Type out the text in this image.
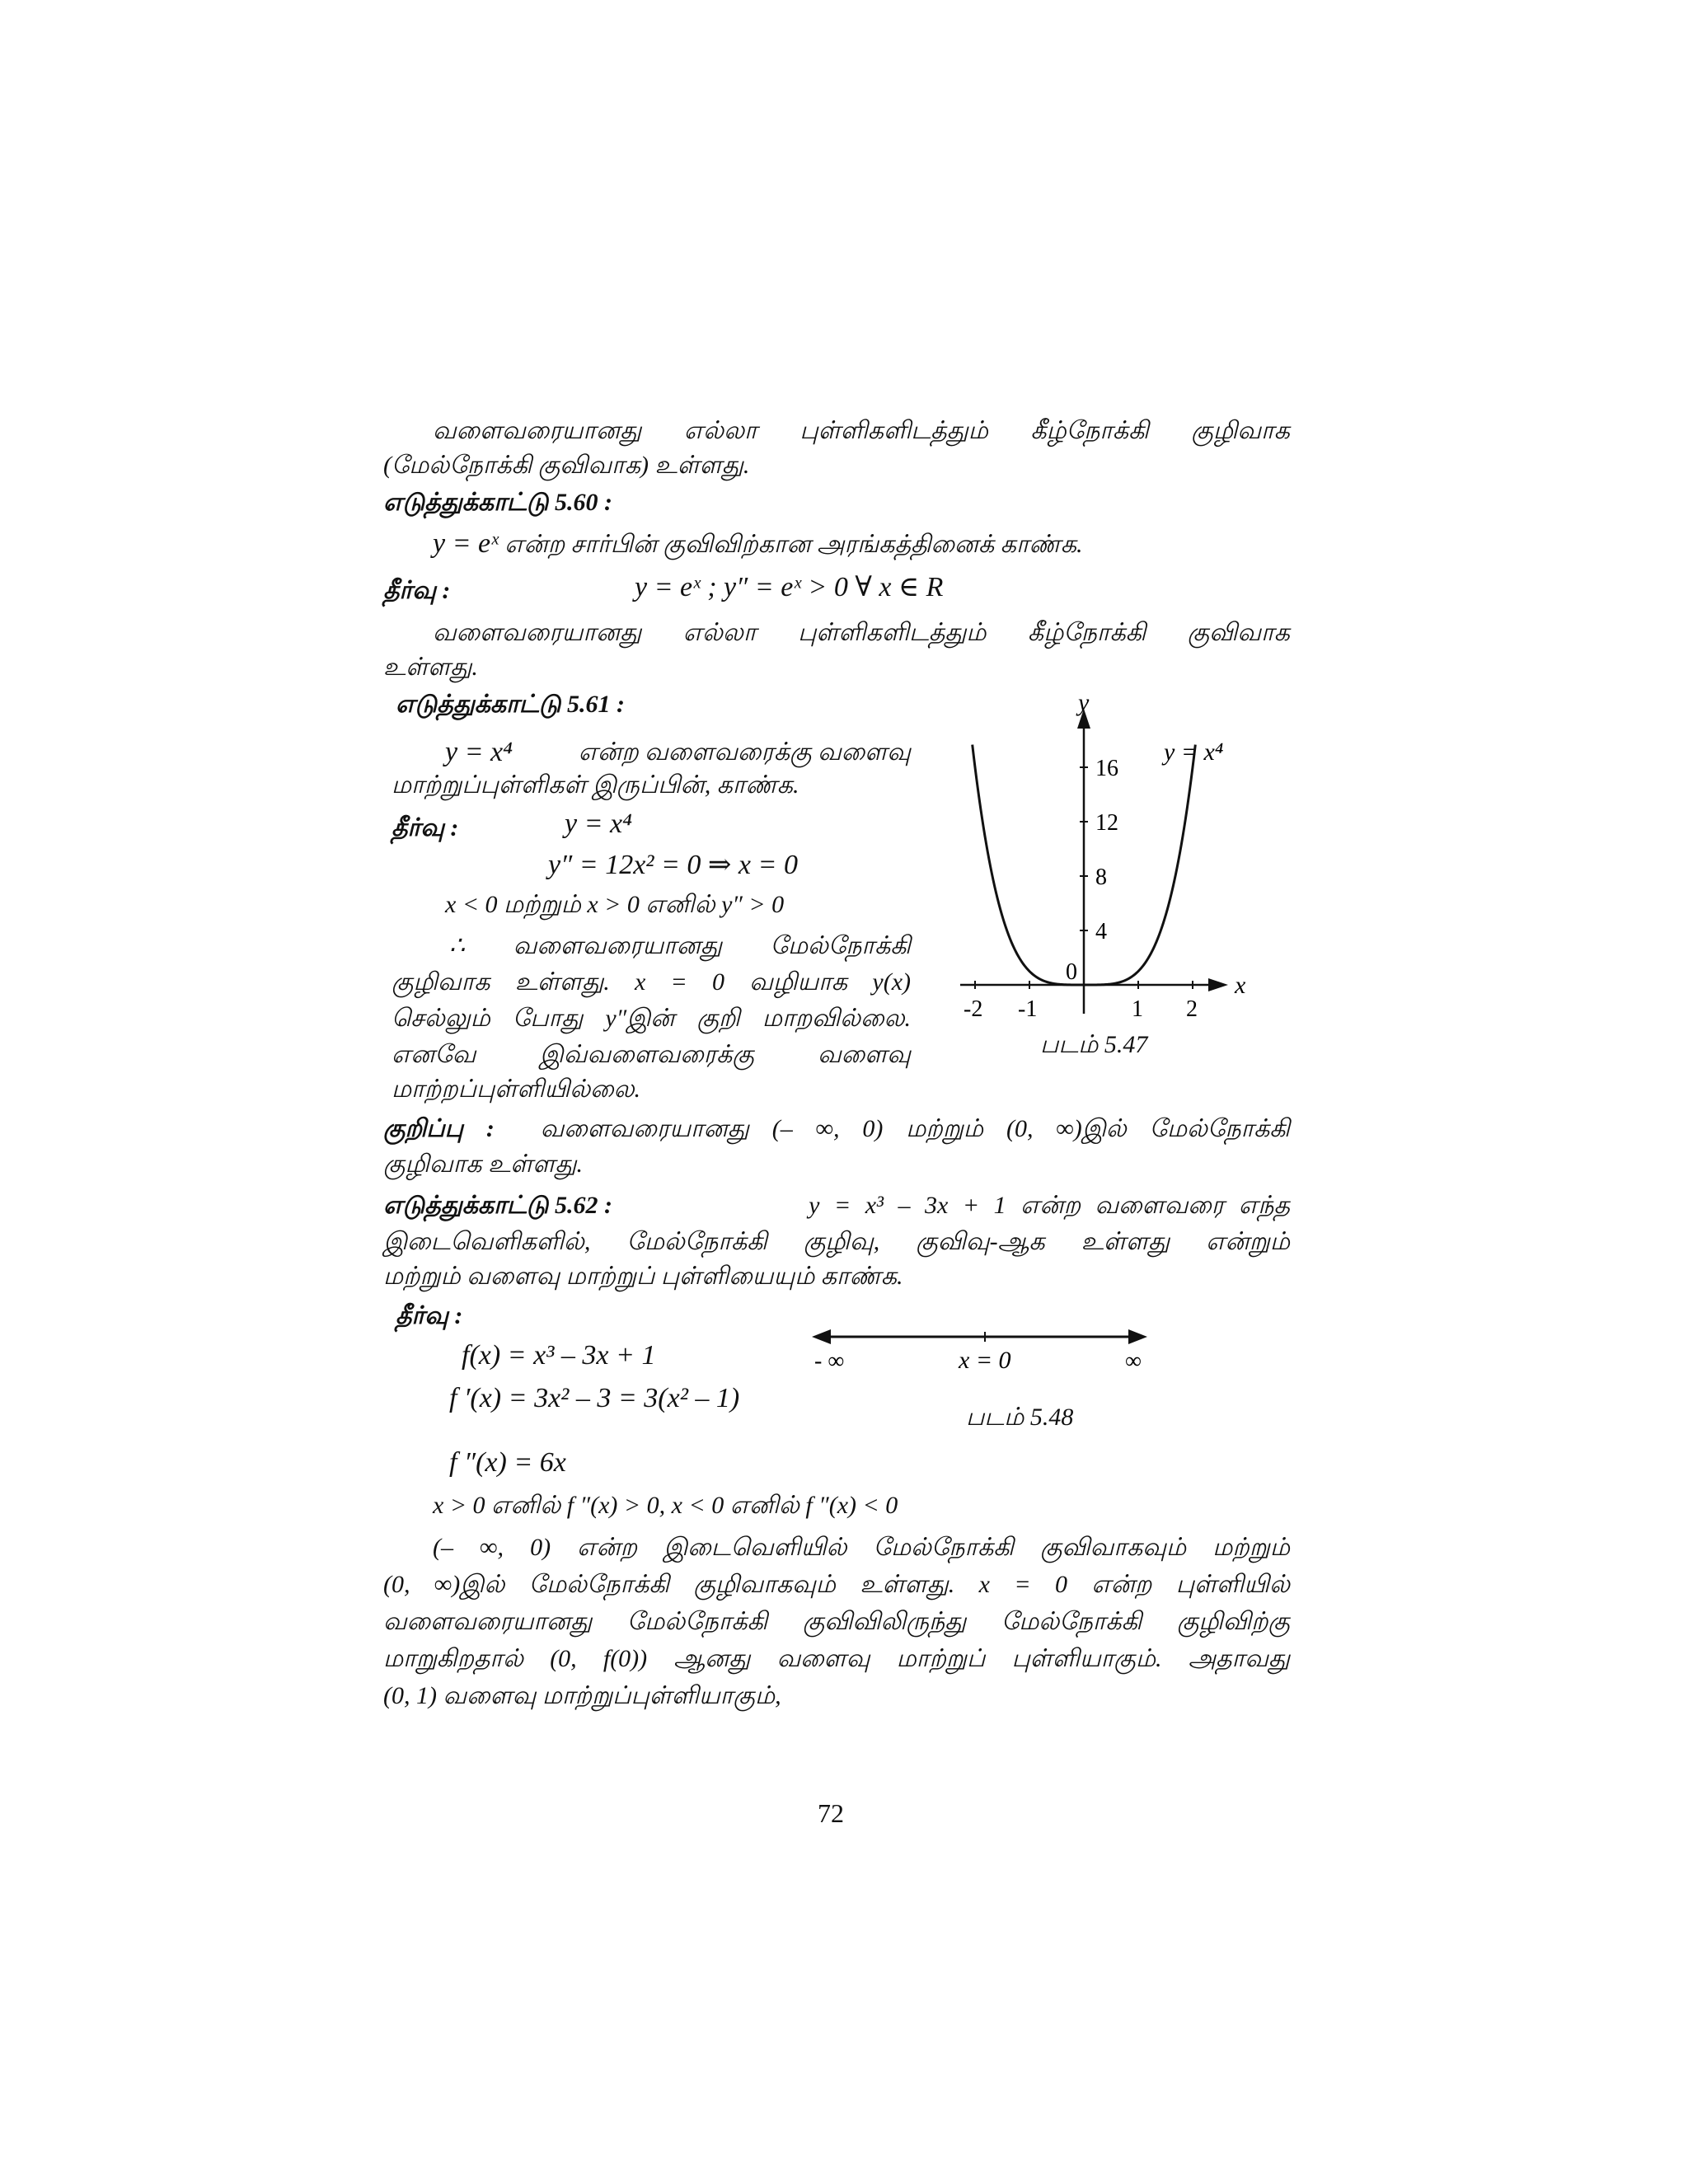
வளைவரையானது எல்லா புள்ளிகளிடத்தும் கீழ்நோக்கி குழிவாக
(மேல்நோக்கி குவிவாக) உள்ளது.
எடுத்துக்காட்டு 5.60 :
y = eˣ என்ற சார்பின் குவிவிற்கான அரங்கத்தினைக் காண்க.
தீர்வு :	y = eˣ ; y″ = eˣ > 0 ∀ x ∈ R
வளைவரையானது எல்லா புள்ளிகளிடத்தும் கீழ்நோக்கி குவிவாக
உள்ளது.
எடுத்துக்காட்டு 5.61 :
y = x⁴	என்ற வளைவரைக்கு வளைவு
மாற்றுப்புள்ளிகள் இருப்பின், காண்க.
தீர்வு :	y = x⁴
y″ = 12x² = 0 ⇒ x = 0
x < 0 மற்றும் x > 0 எனில் y″ > 0
∴ வளைவரையானது மேல்நோக்கி
குழிவாக உள்ளது. x = 0 வழியாக y(x)
செல்லும் போது y″இன் குறி மாறவில்லை.
எனவே இவ்வளைவரைக்கு வளைவு
மாற்றப்புள்ளியில்லை.
4
8
12
16
-2 -1	1 2
y
x
0
y = x⁴
படம் 5.47
குறிப்பு : வளைவரையானது (– ∞, 0) மற்றும் (0, ∞)இல் மேல்நோக்கி
குழிவாக உள்ளது.
எடுத்துக்காட்டு 5.62 :	y = x³ – 3x + 1 என்ற வளைவரை எந்த
இடைவெளிகளில், மேல்நோக்கி குழிவு, குவிவு-ஆக உள்ளது என்றும்
மற்றும் வளைவு மாற்றுப் புள்ளியையும் காண்க.
தீர்வு :
f(x) = x³ – 3x + 1
f ′(x) = 3x² – 3 = 3(x² – 1)
f ″(x) = 6x
x > 0 எனில் f ″(x) > 0, x < 0 எனில் f ″(x) < 0
- ∞	x = 0	∞
படம் 5.48
(– ∞, 0) என்ற இடைவெளியில் மேல்நோக்கி குவிவாகவும் மற்றும்
(0, ∞)இல் மேல்நோக்கி குழிவாகவும் உள்ளது. x = 0 என்ற புள்ளியில்
வளைவரையானது மேல்நோக்கி குவிவிலிருந்து மேல்நோக்கி குழிவிற்கு
மாறுகிறதால் (0, f(0)) ஆனது வளைவு மாற்றுப் புள்ளியாகும். அதாவது
(0, 1) வளைவு மாற்றுப்புள்ளியாகும்,
72
